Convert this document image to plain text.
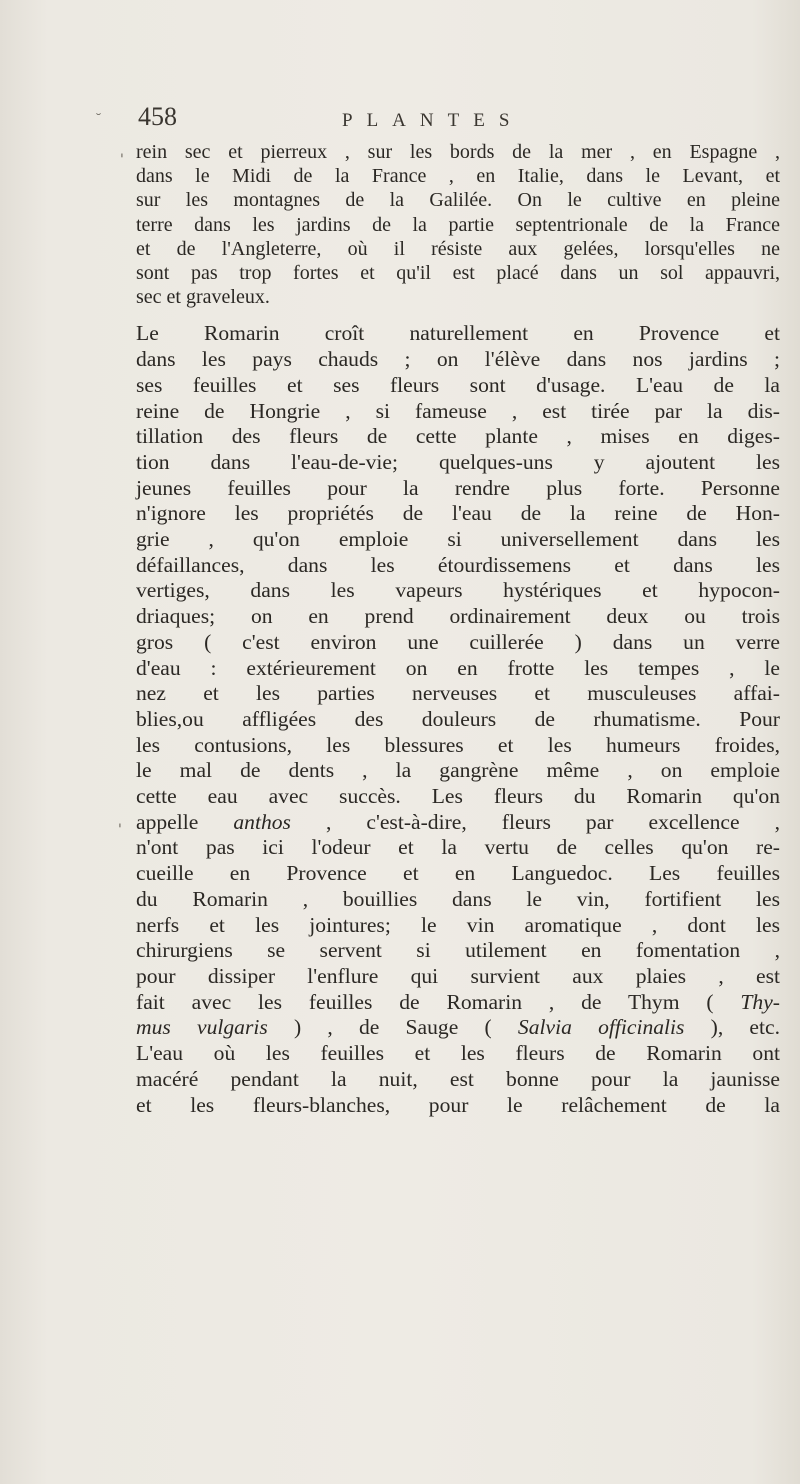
458	PLANTES

rein sec et pierreux , sur les bords de la mer , en Espagne ,
dans le Midi de la France , en Italie, dans le Levant, et
sur les montagnes de la Galilée. On le cultive en pleine
terre dans les jardins de la partie septentrionale de la France
et de l'Angleterre, où il résiste aux gelées, lorsqu'elles ne
sont pas trop fortes et qu'il est placé dans un sol appauvri,
sec et graveleux.

Le Romarin croît naturellement en Provence et
dans les pays chauds ; on l'élève dans nos jardins ;
ses feuilles et ses fleurs sont d'usage. L'eau de la
reine de Hongrie , si fameuse , est tirée par la dis-
tillation des fleurs de cette plante , mises en diges-
tion dans l'eau-de-vie; quelques-uns y ajoutent les
jeunes feuilles pour la rendre plus forte. Personne
n'ignore les propriétés de l'eau de la reine de Hon-
grie , qu'on emploie si universellement dans les
défaillances, dans les étourdissemens et dans les
vertiges, dans les vapeurs hystériques et hypocon-
driaques; on en prend ordinairement deux ou trois
gros ( c'est environ une cuillerée ) dans un verre
d'eau : extérieurement on en frotte les tempes , le
nez et les parties nerveuses et musculeuses affai-
blies,ou affligées des douleurs de rhumatisme. Pour
les contusions, les blessures et les humeurs froides,
le mal de dents , la gangrène même , on emploie
cette eau avec succès. Les fleurs du Romarin qu'on
appelle anthos , c'est-à-dire, fleurs par excellence ,
n'ont pas ici l'odeur et la vertu de celles qu'on re-
cueille en Provence et en Languedoc. Les feuilles
du Romarin , bouillies dans le vin, fortifient les
nerfs et les jointures; le vin aromatique , dont les
chirurgiens se servent si utilement en fomentation ,
pour dissiper l'enflure qui survient aux plaies , est
fait avec les feuilles de Romarin , de Thym ( Thy-
mus vulgaris ) , de Sauge ( Salvia officinalis ), etc.
L'eau où les feuilles et les fleurs de Romarin ont
macéré pendant la nuit, est bonne pour la jaunisse
et les fleurs-blanches, pour le relâchement de la

˘
'
'
